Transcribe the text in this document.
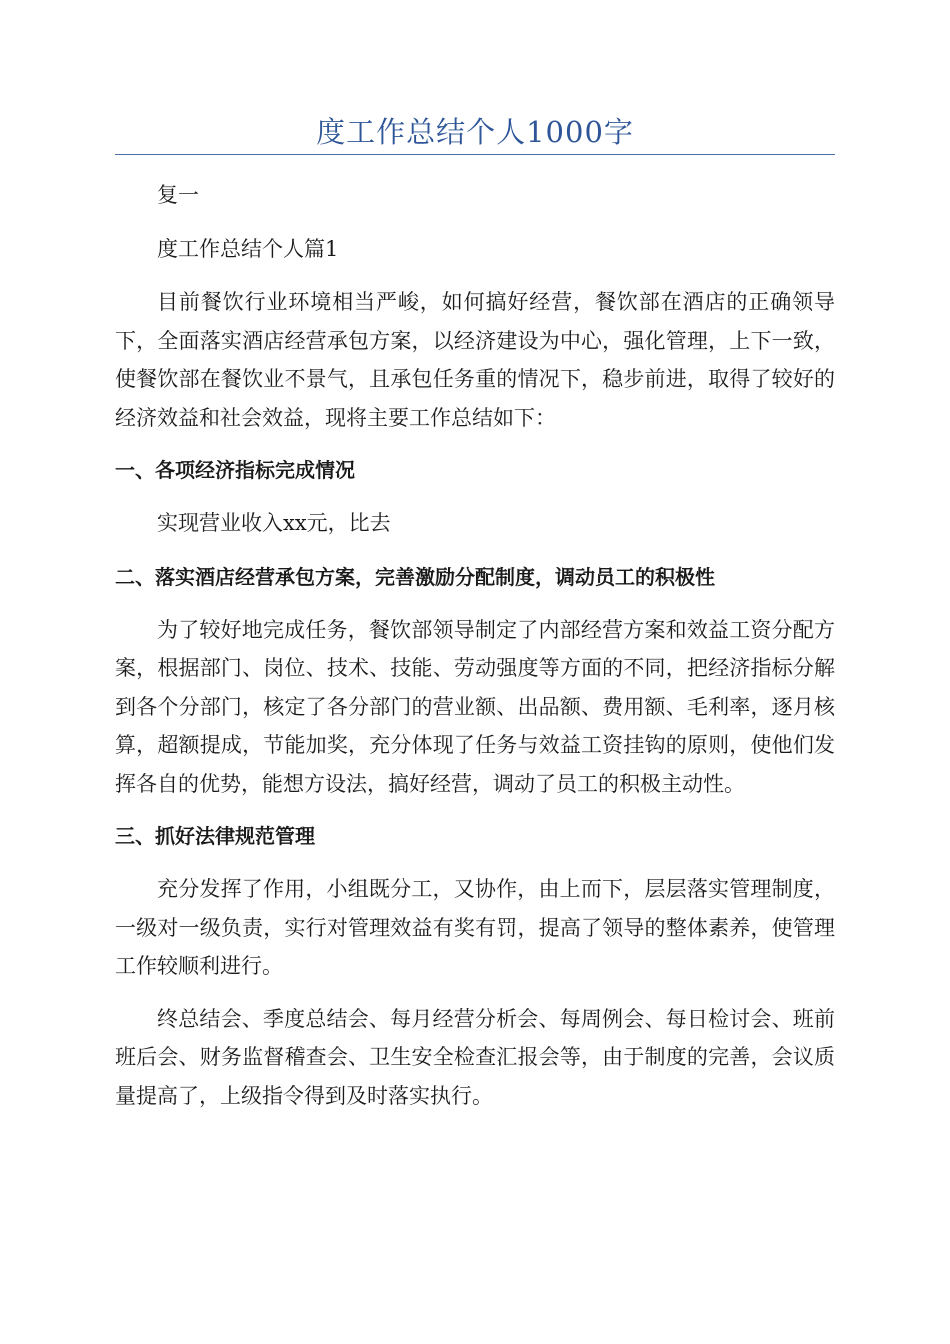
度工作总结个人1000字

复一

度工作总结个人篇1

目前餐饮行业环境相当严峻，如何搞好经营，餐饮部在酒店的正确领导下，全面落实酒店经营承包方案，以经济建设为中心，强化管理，上下一致，使餐饮部在餐饮业不景气，且承包任务重的情况下，稳步前进，取得了较好的经济效益和社会效益，现将主要工作总结如下：

一、各项经济指标完成情况

实现营业收入xx元，比去

二、落实酒店经营承包方案，完善激励分配制度，调动员工的积极性

为了较好地完成任务，餐饮部领导制定了内部经营方案和效益工资分配方案，根据部门、岗位、技术、技能、劳动强度等方面的不同，把经济指标分解到各个分部门，核定了各分部门的营业额、出品额、费用额、毛利率，逐月核算，超额提成，节能加奖，充分体现了任务与效益工资挂钩的原则，使他们发挥各自的优势，能想方设法，搞好经营，调动了员工的积极主动性。

三、抓好法律规范管理

充分发挥了作用，小组既分工，又协作，由上而下，层层落实管理制度，一级对一级负责，实行对管理效益有奖有罚，提高了领导的整体素养，使管理工作较顺利进行。

终总结会、季度总结会、每月经营分析会、每周例会、每日检讨会、班前班后会、财务监督稽查会、卫生安全检查汇报会等，由于制度的完善，会议质量提高了，上级指令得到及时落实执行。
